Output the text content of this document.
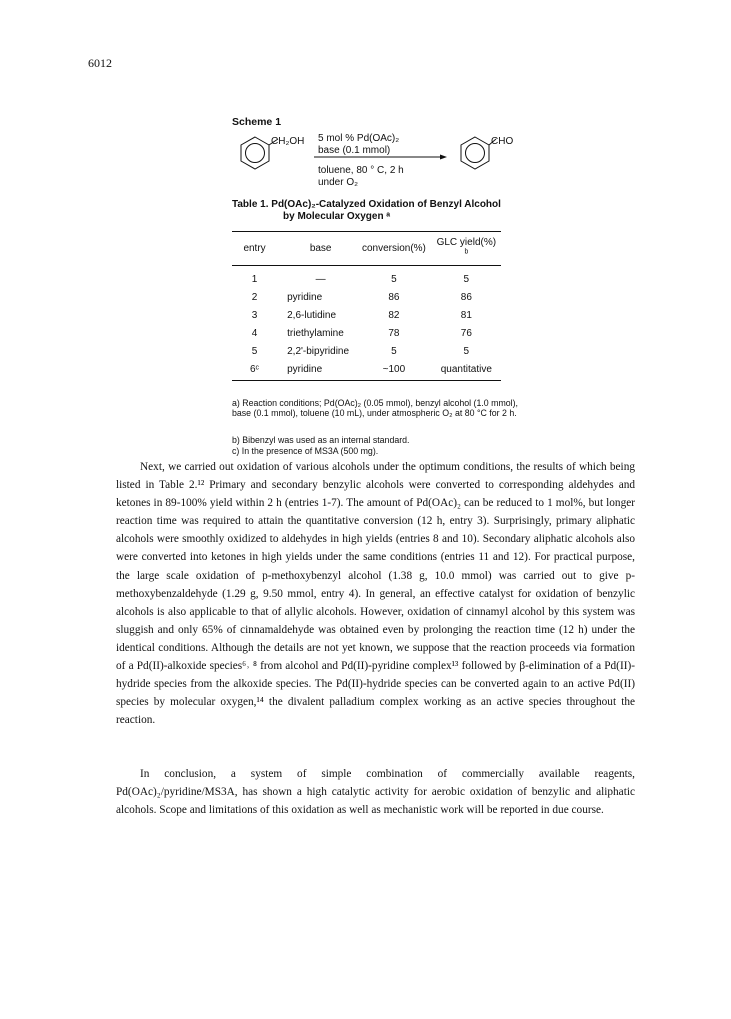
6012
Scheme 1
CH₂OH	CHO
5 mol % Pd(OAc)₂
base (0.1 mmol)
toluene, 80 ° C, 2 h
under O₂
Table 1. Pd(OAc)₂-Catalyzed Oxidation of Benzyl Alcohol
by Molecular Oxygen ᵃ
entry	base	conversion(%)	GLC yield(%) ᵇ
1	—	5	5
2	pyridine	86	86
3	2,6-lutidine	82	81
4	triethylamine	78	76
5	2,2'-bipyridine	5	5
6ᶜ	pyridine	~100	quantitative
a) Reaction conditions; Pd(OAc)₂ (0.05 mmol), benzyl alcohol (1.0 mmol), base (0.1 mmol), toluene (10 mL), under atmospheric O₂ at 80 °C for 2 h.
b) Bibenzyl was used as an internal standard.
c) In the presence of MS3A (500 mg).
Next, we carried out oxidation of various alcohols under the optimum conditions, the results of which being listed in Table 2.¹² Primary and secondary benzylic alcohols were converted to corresponding aldehydes and ketones in 89-100% yield within 2 h (entries 1-7). The amount of Pd(OAc)₂ can be reduced to 1 mol%, but longer reaction time was required to attain the quantitative conversion (12 h, entry 3). Surprisingly, primary aliphatic alcohols were smoothly oxidized to aldehydes in high yields (entries 8 and 10). Secondary aliphatic alcohols also were converted into ketones in high yields under the same conditions (entries 11 and 12). For practical purpose, the large scale oxidation of p-methoxybenzyl alcohol (1.38 g, 10.0 mmol) was carried out to give p-methoxybenzaldehyde (1.29 g, 9.50 mmol, entry 4). In general, an effective catalyst for oxidation of benzylic alcohols is also applicable to that of allylic alcohols. However, oxidation of cinnamyl alcohol by this system was sluggish and only 65% of cinnamaldehyde was obtained even by prolonging the reaction time (12 h) under the identical conditions. Although the details are not yet known, we suppose that the reaction proceeds via formation of a Pd(II)-alkoxide species⁶˒ ⁸ from alcohol and Pd(II)-pyridine complex¹³ followed by β-elimination of a Pd(II)-hydride species from the alkoxide species. The Pd(II)-hydride species can be converted again to an active Pd(II) species by molecular oxygen,¹⁴ the divalent palladium complex working as an active species throughout the reaction.
In conclusion, a system of simple combination of commercially available reagents, Pd(OAc)₂/pyridine/MS3A, has shown a high catalytic activity for aerobic oxidation of benzylic and aliphatic alcohols. Scope and limitations of this oxidation as well as mechanistic work will be reported in due course.
